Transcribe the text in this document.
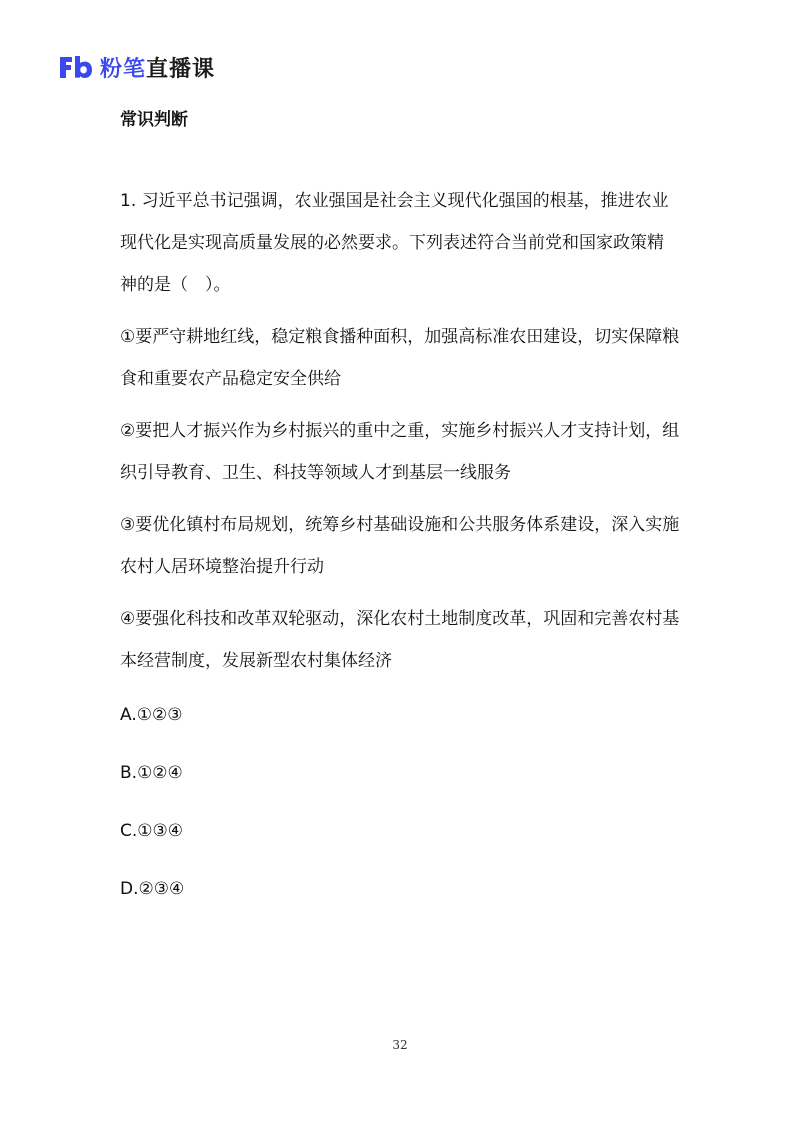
粉笔直播课
常识判断
1. 习近平总书记强调，农业强国是社会主义现代化强国的根基，推进农业现代化是实现高质量发展的必然要求。下列表述符合当前党和国家政策精神的是（　）。
①要严守耕地红线，稳定粮食播种面积，加强高标准农田建设，切实保障粮食和重要农产品稳定安全供给
②要把人才振兴作为乡村振兴的重中之重，实施乡村振兴人才支持计划，组织引导教育、卫生、科技等领域人才到基层一线服务
③要优化镇村布局规划，统筹乡村基础设施和公共服务体系建设，深入实施农村人居环境整治提升行动
④要强化科技和改革双轮驱动，深化农村土地制度改革，巩固和完善农村基本经营制度，发展新型农村集体经济
A.①②③
B.①②④
C.①③④
D.②③④
32
